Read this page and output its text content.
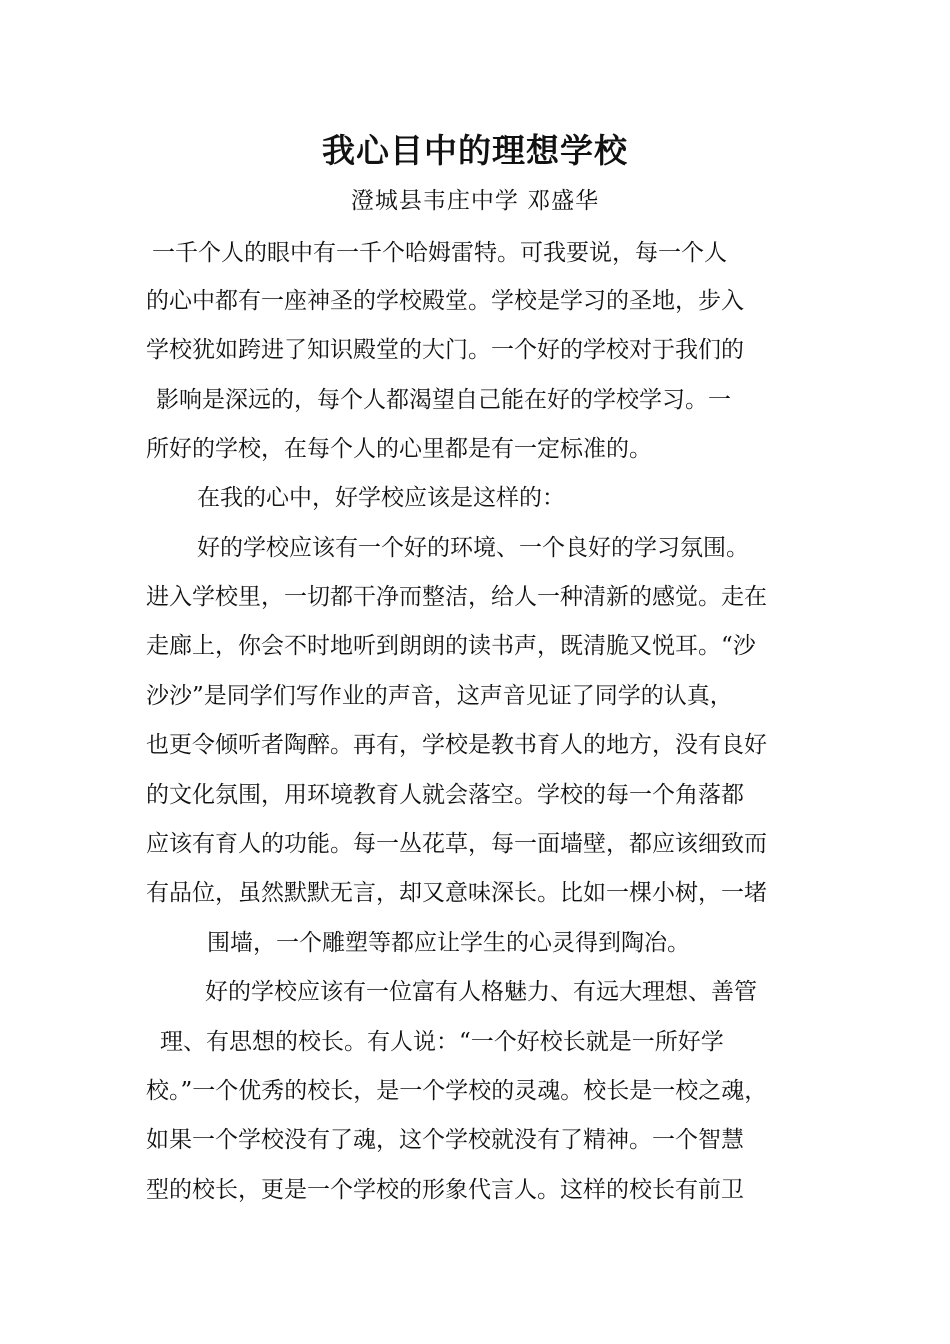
我心目中的理想学校
澄城县韦庄中学 邓盛华
一千个人的眼中有一千个哈姆雷特。可我要说，每一个人
的心中都有一座神圣的学校殿堂。学校是学习的圣地，步入
学校犹如跨进了知识殿堂的大门。一个好的学校对于我们的
影响是深远的，每个人都渴望自己能在好的学校学习。一
所好的学校，在每个人的心里都是有一定标准的。
在我的心中，好学校应该是这样的：
好的学校应该有一个好的环境、一个良好的学习氛围。
进入学校里，一切都干净而整洁，给人一种清新的感觉。走在
走廊上，你会不时地听到朗朗的读书声，既清脆又悦耳。“沙
沙沙”是同学们写作业的声音，这声音见证了同学的认真，
也更令倾听者陶醉。再有，学校是教书育人的地方，没有良好
的文化氛围，用环境教育人就会落空。学校的每一个角落都
应该有育人的功能。每一丛花草，每一面墙壁，都应该细致而
有品位，虽然默默无言，却又意味深长。比如一棵小树，一堵
围墙，一个雕塑等都应让学生的心灵得到陶冶。
好的学校应该有一位富有人格魅力、有远大理想、善管
理、有思想的校长。有人说：“一个好校长就是一所好学
校。”一个优秀的校长，是一个学校的灵魂。校长是一校之魂，
如果一个学校没有了魂，这个学校就没有了精神。一个智慧
型的校长，更是一个学校的形象代言人。这样的校长有前卫
